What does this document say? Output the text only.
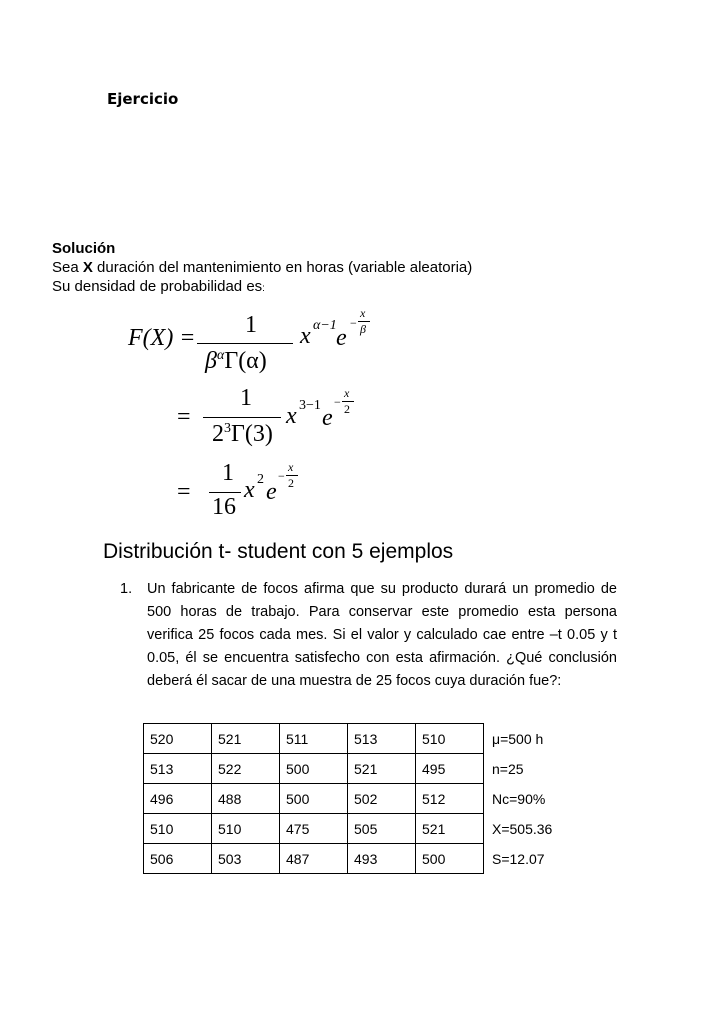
Ejercicio
Solución
Sea X duración del mantenimiento en horas (variable aleatoria)
Su densidad de probabilidad es:
F(X) = 1
$\beta^\alpha\Gamma(\alpha)$
x α−1 e
−
x
β
=
1
$2^3\Gamma(3)$
x 3−1 e
−
x
2
=
1
16
x 2 e
−
x
2
Distribución t- student con 5 ejemplos
1. Un fabricante de focos afirma que su producto durará un promedio de 500 horas de trabajo. Para conservar este promedio esta persona verifica 25 focos cada mes. Si el valor y calculado cae entre –t 0.05 y t 0.05, él se encuentra satisfecho con esta afirmación. ¿Qué conclusión deberá él sacar de una muestra de 25 focos cuya duración fue?:
520	521	511	513	510	μ=500 h
513	522	500	521	495	n=25
496	488	500	502	512	Nc=90%
510	510	475	505	521	X=505.36
506	503	487	493	500	S=12.07
